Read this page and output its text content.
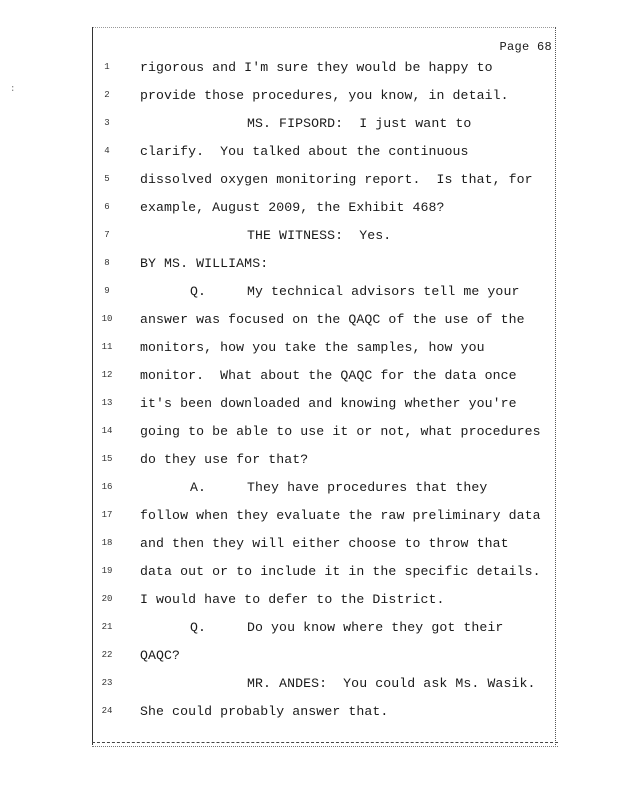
:
Page 68
1	rigorous and I'm sure they would be happy to
2	provide those procedures, you know, in detail.
3	MS. FIPSORD:  I just want to
4	clarify.  You talked about the continuous
5	dissolved oxygen monitoring report.  Is that, for
6	example, August 2009, the Exhibit 468?
7	THE WITNESS:  Yes.
8	BY MS. WILLIAMS:
9	Q.	My technical advisors tell me your
10	answer was focused on the QAQC of the use of the
11	monitors, how you take the samples, how you
12	monitor.  What about the QAQC for the data once
13	it's been downloaded and knowing whether you're
14	going to be able to use it or not, what procedures
15	do they use for that?
16	A.	They have procedures that they
17	follow when they evaluate the raw preliminary data
18	and then they will either choose to throw that
19	data out or to include it in the specific details.
20	I would have to defer to the District.
21	Q.	Do you know where they got their
22	QAQC?
23	MR. ANDES:  You could ask Ms. Wasik.
24	She could probably answer that.
